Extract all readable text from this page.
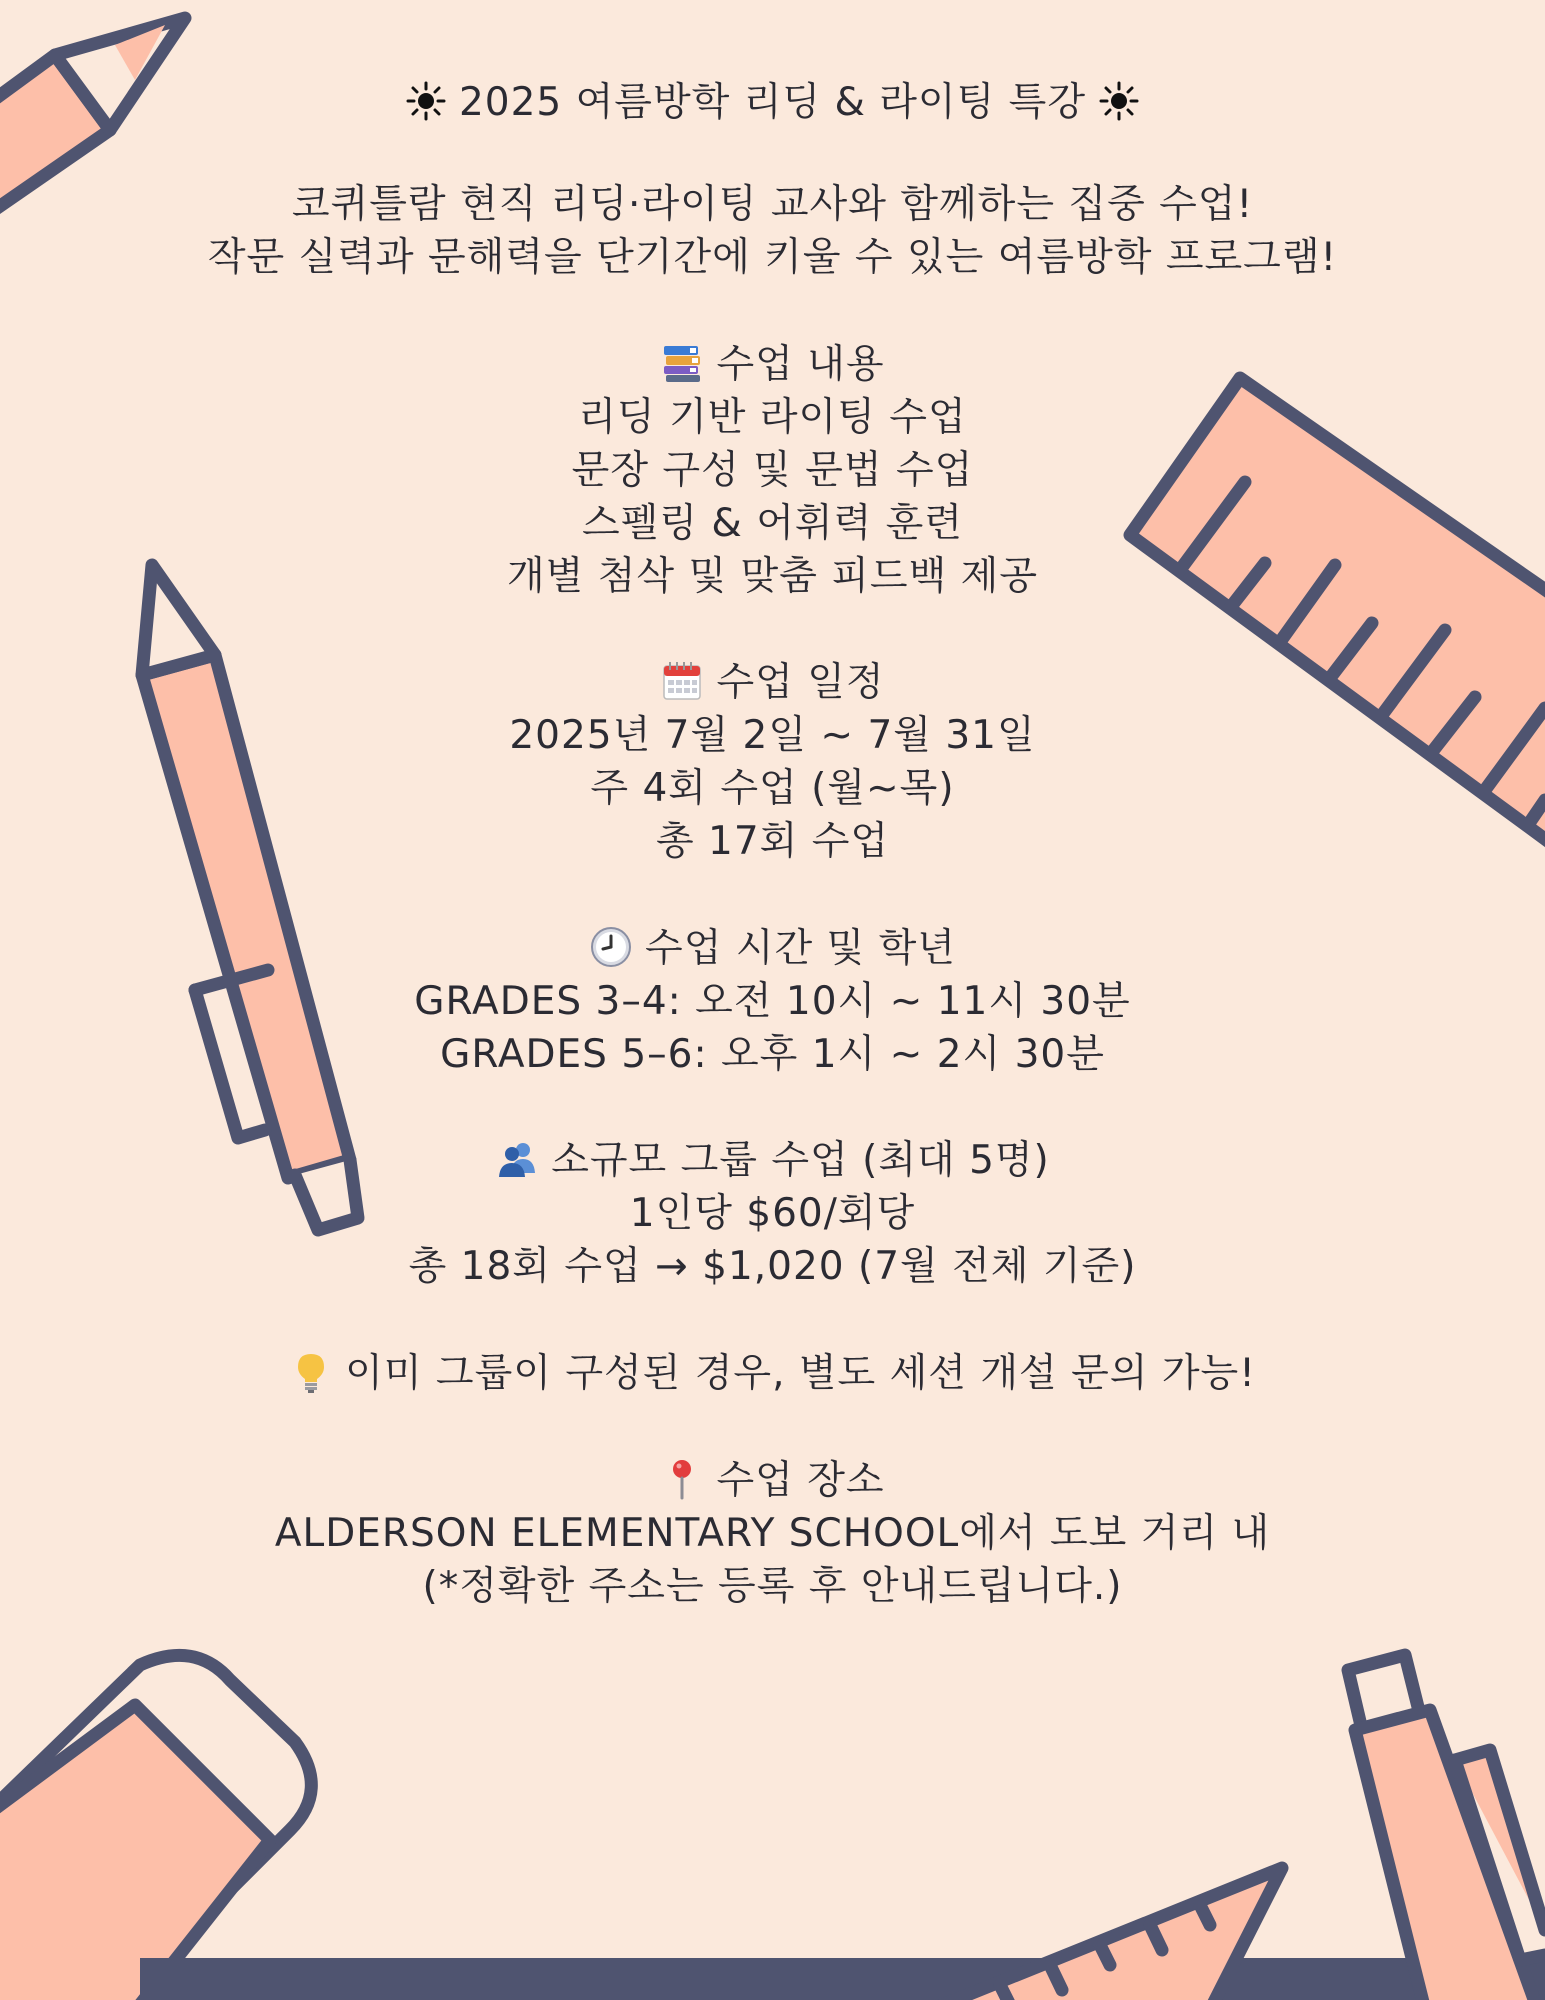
2025 여름방학 리딩 & 라이팅 특강
코퀴틀람 현직 리딩·라이팅 교사와 함께하는 집중 수업!
작문 실력과 문해력을 단기간에 키울 수 있는 여름방학 프로그램!
수업 내용
리딩 기반 라이팅 수업
문장 구성 및 문법 수업
스펠링 & 어휘력 훈련
개별 첨삭 및 맞춤 피드백 제공
수업 일정
2025년 7월 2일 ~ 7월 31일
주 4회 수업 (월~목)
총 17회 수업
수업 시간 및 학년
GRADES 3–4: 오전 10시 ~ 11시 30분
GRADES 5–6: 오후 1시 ~ 2시 30분
소규모 그룹 수업 (최대 5명)
1인당 $60/회당
총 18회 수업 → $1,020 (7월 전체 기준)
이미 그룹이 구성된 경우, 별도 세션 개설 문의 가능!
수업 장소
ALDERSON ELEMENTARY SCHOOL에서 도보 거리 내
(*정확한 주소는 등록 후 안내드립니다.)
